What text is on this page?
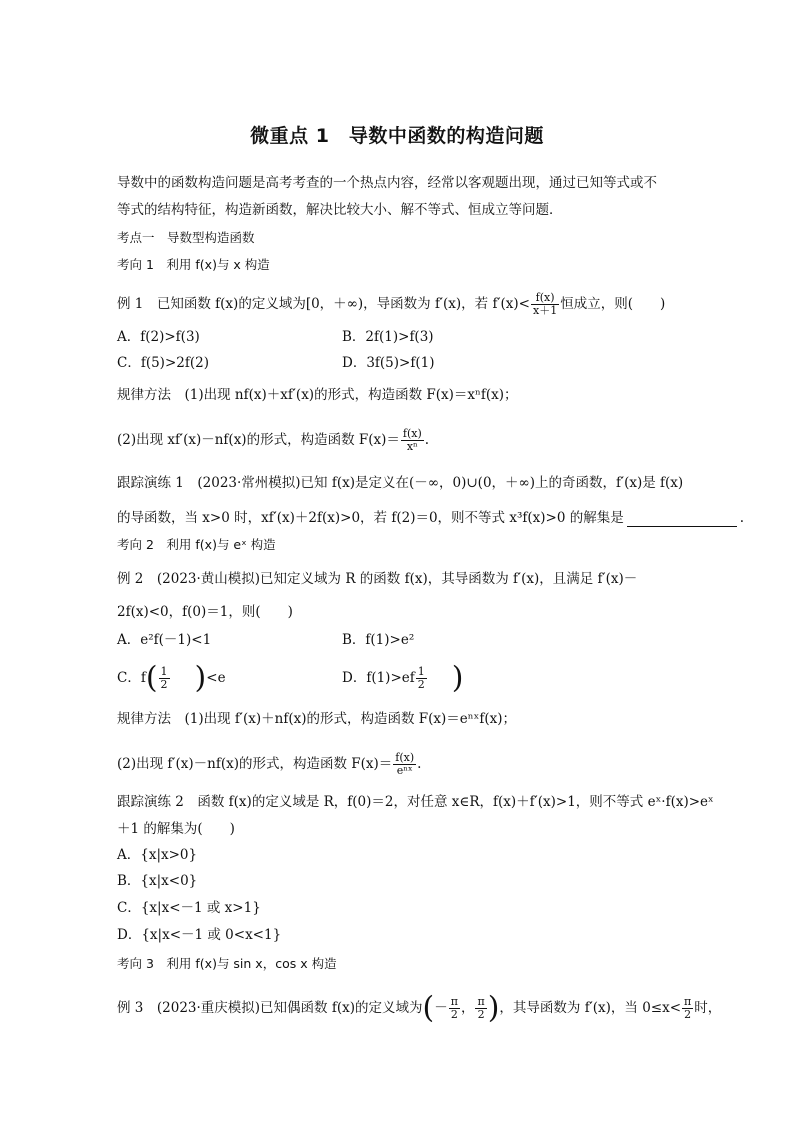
微重点 1　导数中函数的构造问题
导数中的函数构造问题是高考考查的一个热点内容，经常以客观题出现，通过已知等式或不
等式的结构特征，构造新函数，解决比较大小、解不等式、恒成立等问题．
考点一　导数型构造函数
考向 1　利用 f(x)与 x 构造
例 1　已知函数 f(x)的定义域为[0，＋∞)，导函数为 f′(x)，若 $f'(x)< \frac{f(x)}{x+1}$ 恒成立，则(　　)
A．f(2)>f(3)	B．2f(1)>f(3)
C．f(5)>2f(2)	D．3f(5)>f(1)
规律方法　(1)出现 nf(x)＋xf′(x)的形式，构造函数 F(x)＝xⁿf(x)；
(2)出现 xf′(x)－nf(x)的形式，构造函数 $F(x)= \frac{f(x)}{\text{xⁿ}}$ .
跟踪演练 1　(2023·常州模拟)已知 f(x)是定义在(－∞，0)∪(0，＋∞)上的奇函数，f′(x)是 f(x)
的导函数，当 x>0 时，xf′(x)＋2f(x)>0，若 f(2)＝0，则不等式 x³f(x)>0 的解集是	.
考向 2　利用 f(x)与 eˣ 构造
例 2　(2023·黄山模拟)已知定义域为 R 的函数 f(x)，其导函数为 f′(x)，且满足 f′(x)－
2f(x)<0，f(0)＝1，则(　　)
A．e²f(－1)<1	B．f(1)>e²
C．$f( \frac{1}{2} )<e$	D．$f(1)>ef \frac{1}{2}$ )
规律方法　(1)出现 f′(x)＋nf(x)的形式，构造函数 F(x)＝eⁿˣf(x)；
(2)出现 f′(x)－nf(x)的形式，构造函数 $F(x)= \frac{f(x)}{\text{eⁿˣ}}$ .
跟踪演练 2　函数 f(x)的定义域是 R，f(0)＝2，对任意 x∈R，f(x)＋f′(x)>1，则不等式 eˣ·f(x)>eˣ
＋1 的解集为(　　)
A．{x|x>0}
B．{x|x<0}
C．{x|x<－1 或 x>1}
D．{x|x<－1 或 0<x<1}
考向 3　利用 f(x)与 sin x，cos x 构造
例 3　(2023·重庆模拟)已知偶函数 f(x)的定义域为(－ $\frac{\pi}{2}$ ， $\frac{\pi}{2}$ )，其导函数为 f′(x)，当 $0\le x< \frac{\pi}{2}$ 时，
